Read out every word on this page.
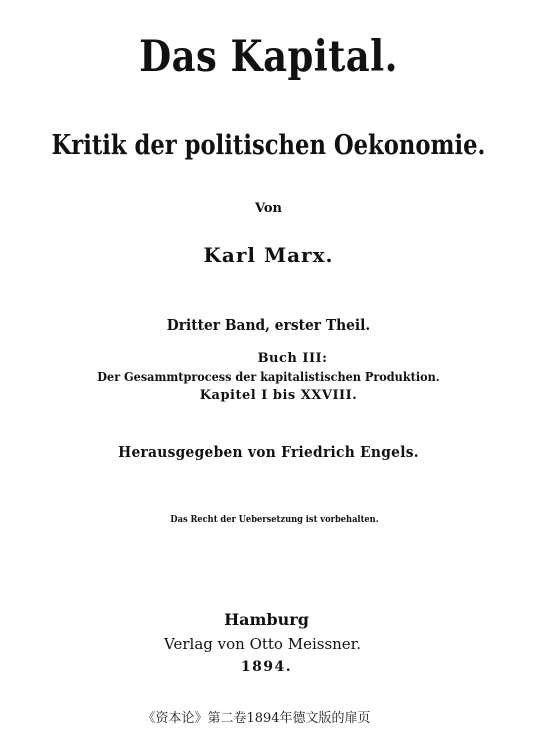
Das Kapital.
Kritik der politischen Oekonomie.
Von
Karl Marx.
Dritter Band, erster Theil.
Buch III:
Der Gesammtprocess der kapitalistischen Produktion.
Kapitel I bis XXVIII.
Herausgegeben von Friedrich Engels.
Das Recht der Uebersetzung ist vorbehalten.
Hamburg
Verlag von Otto Meissner.
1894.
《资本论》第二卷1894年德文版的扉页
